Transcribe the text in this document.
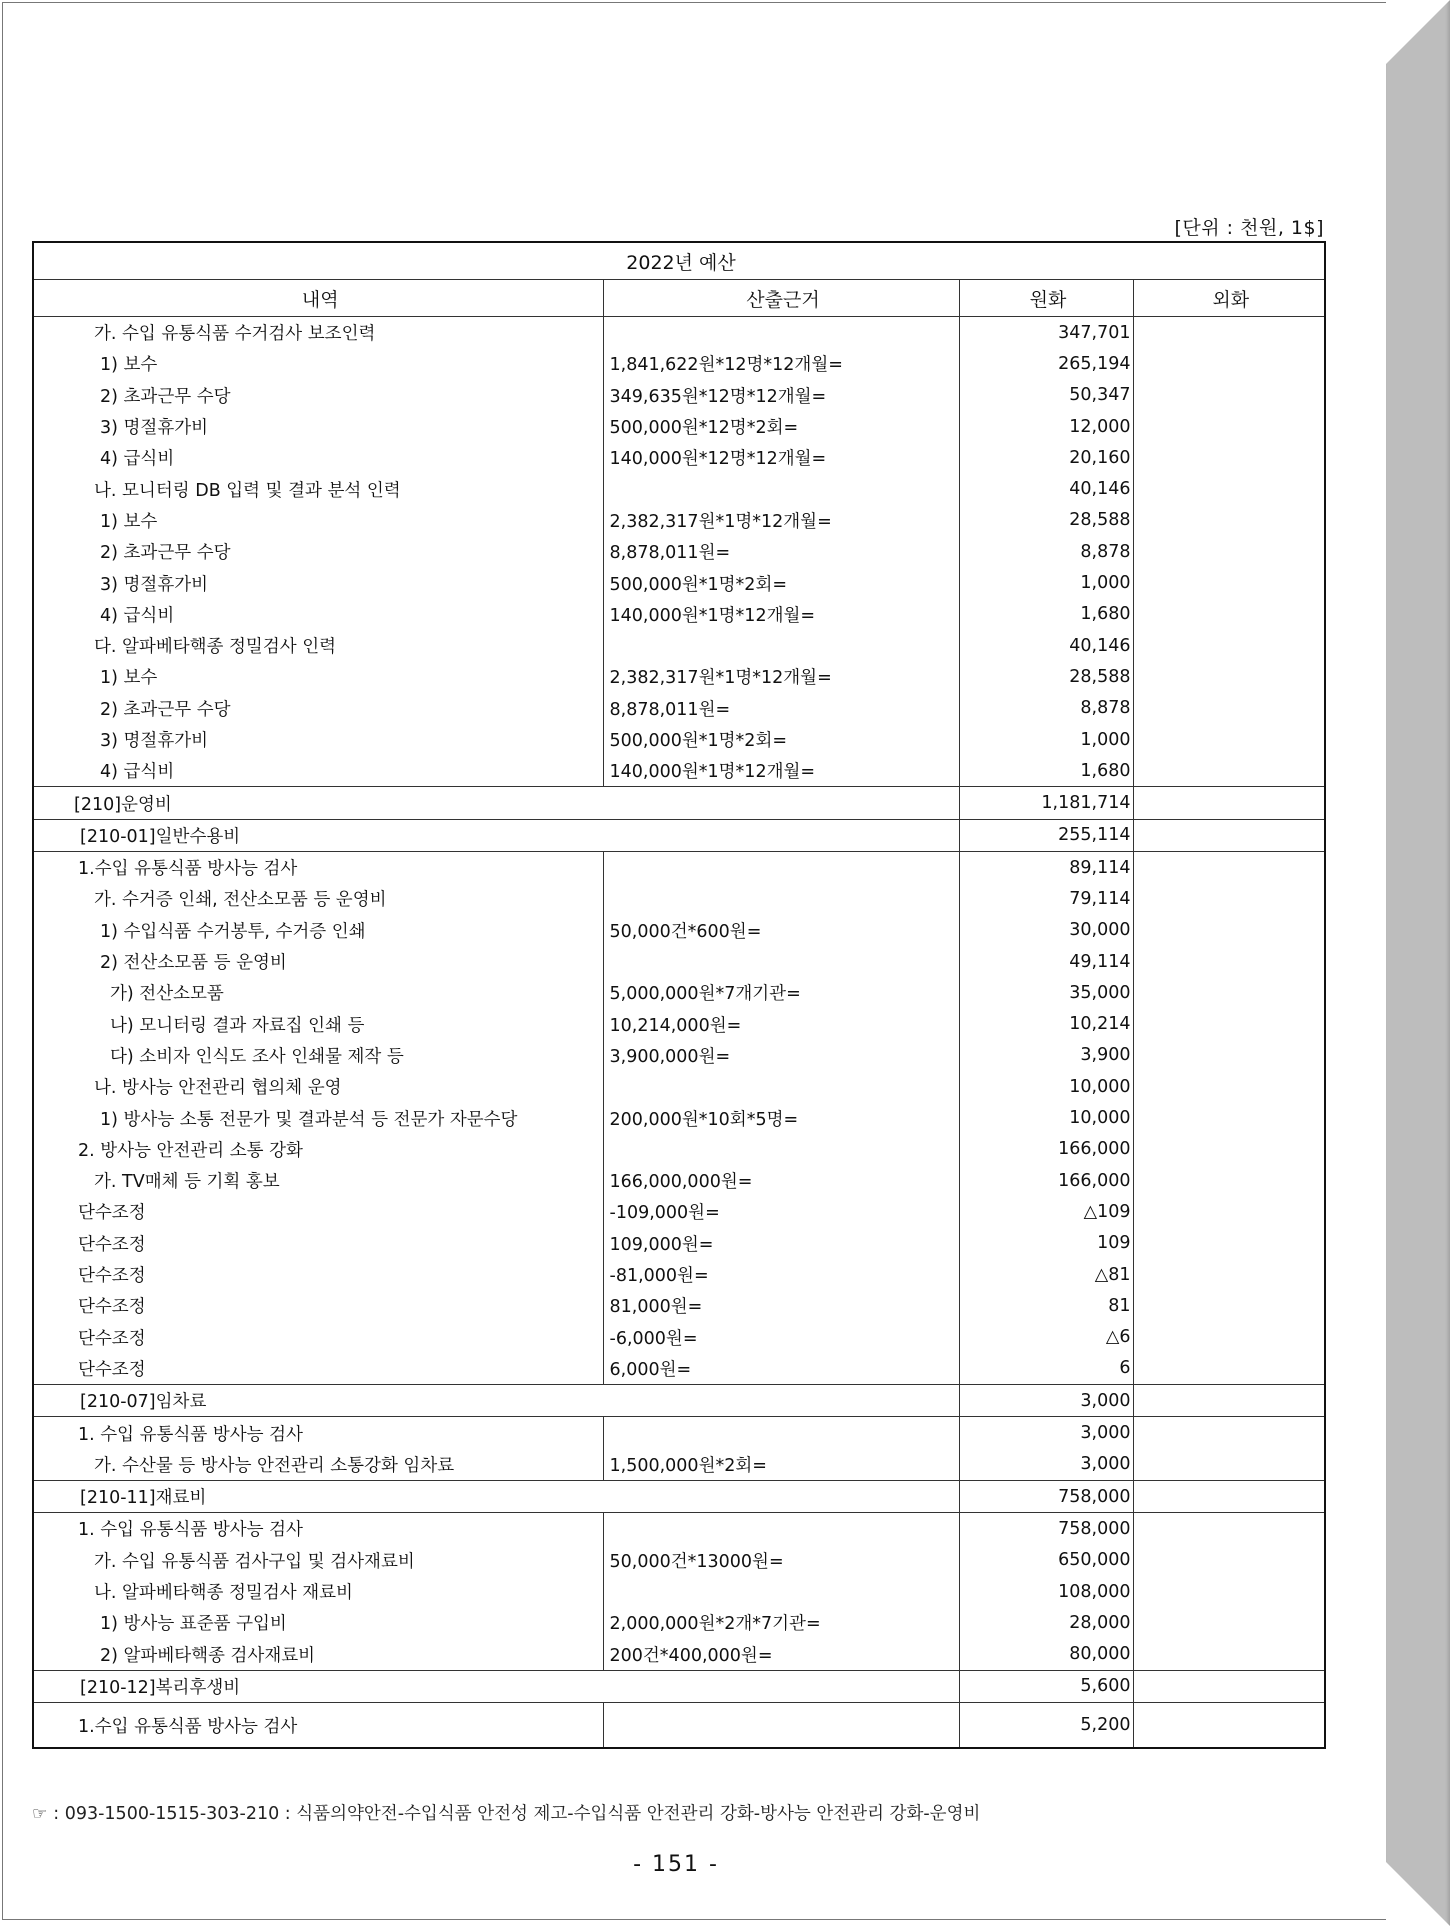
[단위 : 천원, 1$]
2022년 예산			
내역	산출근거	원화	외화
가. 수입 유통식품 수거검사 보조인력		347,701	
1) 보수	1,841,622원*12명*12개월=	265,194	
2) 초과근무 수당	349,635원*12명*12개월=	50,347	
3) 명절휴가비	500,000원*12명*2회=	12,000	
4) 급식비	140,000원*12명*12개월=	20,160	
나. 모니터링 DB 입력 및 결과 분석 인력		40,146	
1) 보수	2,382,317원*1명*12개월=	28,588	
2) 초과근무 수당	8,878,011원=	8,878	
3) 명절휴가비	500,000원*1명*2회=	1,000	
4) 급식비	140,000원*1명*12개월=	1,680	
다. 알파베타핵종 정밀검사 인력		40,146	
1) 보수	2,382,317원*1명*12개월=	28,588	
2) 초과근무 수당	8,878,011원=	8,878	
3) 명절휴가비	500,000원*1명*2회=	1,000	
4) 급식비	140,000원*1명*12개월=	1,680	
[210]운영비		1,181,714	
[210-01]일반수용비		255,114	
1.수입 유통식품 방사능 검사		89,114	
가. 수거증 인쇄, 전산소모품 등 운영비		79,114	
1) 수입식품 수거봉투, 수거증 인쇄	50,000건*600원=	30,000	
2) 전산소모품 등 운영비		49,114	
가) 전산소모품	5,000,000원*7개기관=	35,000	
나) 모니터링 결과 자료집 인쇄 등	10,214,000원=	10,214	
다) 소비자 인식도 조사 인쇄물 제작 등	3,900,000원=	3,900	
나. 방사능 안전관리 협의체 운영		10,000	
1) 방사능 소통 전문가 및 결과분석 등 전문가 자문수당	200,000원*10회*5명=	10,000	
2. 방사능 안전관리 소통 강화		166,000	
가. TV매체 등 기획 홍보	166,000,000원=	166,000	
단수조정	-109,000원=	△109	
단수조정	109,000원=	109	
단수조정	-81,000원=	△81	
단수조정	81,000원=	81	
단수조정	-6,000원=	△6	
단수조정	6,000원=	6	
[210-07]임차료		3,000	
1. 수입 유통식품 방사능 검사		3,000	
가. 수산물 등 방사능 안전관리 소통강화 임차료	1,500,000원*2회=	3,000	
[210-11]재료비		758,000	
1. 수입 유통식품 방사능 검사		758,000	
가. 수입 유통식품 검사구입 및 검사재료비	50,000건*13000원=	650,000	
나. 알파베타핵종 정밀검사 재료비		108,000	
1) 방사능 표준품 구입비	2,000,000원*2개*7기관=	28,000	
2) 알파베타핵종 검사재료비	200건*400,000원=	80,000	
[210-12]복리후생비		5,600	
1.수입 유통식품 방사능 검사		5,200	
☞ : 093-1500-1515-303-210 : 식품의약안전-수입식품 안전성 제고-수입식품 안전관리 강화-방사능 안전관리 강화-운영비
- 151 -
